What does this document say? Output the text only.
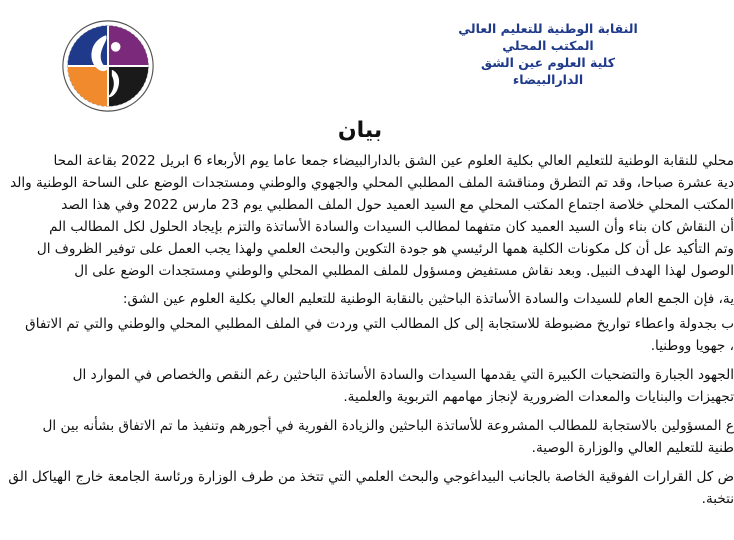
النقابة الوطنية للتعليم العالي
المكتب المحلي
كلية العلوم عين الشق
الدارالبيضاء
بيان
محلي للنقابة الوطنية للتعليم العالي بكلية العلوم عين الشق بالدارالبيضاء جمعا عاما يوم الأربعاء 6 ابريل 2022 بقاعة المحا
دية عشرة صباحا، وقد تم التطرق ومناقشة الملف المطلبي المحلي والجهوي والوطني ومستجدات الوضع على الساحة الوطنية والد
المكتب المحلي خلاصة اجتماع المكتب المحلي مع السيد العميد حول الملف المطلبي يوم 23 مارس 2022 وفي هذا الصد
أن النقاش كان بناء وأن السيد العميد كان متفهما لمطالب السيدات والسادة الأساتذة والتزم بإيجاد الحلول لكل المطالب الم
وتم التأكيد عل أن كل مكونات الكلية همها الرئيسي هو جودة التكوين والبحث العلمي ولهذا يجب العمل على توفير الظروف ال
الوصول لهذا الهدف النبيل. وبعد نقاش مستفيض ومسؤول للملف المطلبي المحلي والوطني ومستجدات الوضع على ال
ية، فإن الجمع العام للسيدات والسادة الأساتذة الباحثين بالنقابة الوطنية للتعليم العالي بكلية العلوم عين الشق:
ب بجدولة واعطاء تواريخ مضبوطة للاستجابة إلى كل المطالب التي وردت في الملف المطلبي المحلي والوطني والتي تم الاتفاق
، جهويا ووطنيا.
الجهود الجبارة والتضحيات الكبيرة التي يقدمها السيدات والسادة الأساتذة الباحثين رغم النقص والخصاص في الموارد ال
تجهيزات والبنايات والمعدات الضرورية لإنجاز مهامهم التربوية والعلمية.
ع المسؤولين بالاستجابة للمطالب المشروعة للأساتذة الباحثين والزيادة الفورية في أجورهم وتنفيذ ما تم الاتفاق بشأنه بين ال
طنية للتعليم العالي والوزارة الوصية.
ض كل القرارات الفوقية الخاصة بالجانب البيداغوجي والبحث العلمي التي تتخذ من طرف الوزارة ورئاسة الجامعة خارج الهياكل الق
نتخبة.
